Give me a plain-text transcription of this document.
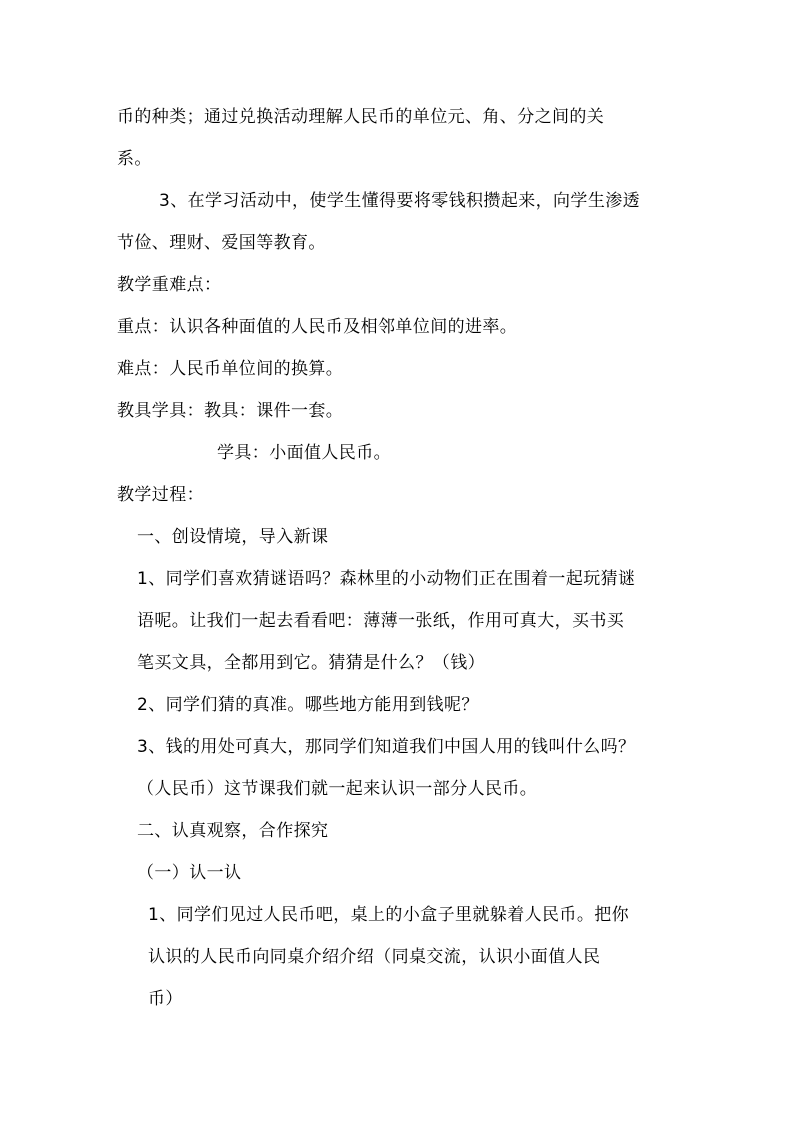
币的种类；通过兑换活动理解人民币的单位元、角、分之间的关
系。
3、在学习活动中，使学生懂得要将零钱积攒起来，向学生渗透
节俭、理财、爱国等教育。
教学重难点：
重点：认识各种面值的人民币及相邻单位间的进率。
难点：人民币单位间的换算。
教具学具：教具：课件一套。
学具：小面值人民币。
教学过程：
一、创设情境，导入新课
1、同学们喜欢猜谜语吗？森林里的小动物们正在围着一起玩猜谜
语呢。让我们一起去看看吧：薄薄一张纸，作用可真大，买书买
笔买文具，全都用到它。猜猜是什么？（钱）
2、同学们猜的真准。哪些地方能用到钱呢？
3、钱的用处可真大，那同学们知道我们中国人用的钱叫什么吗？
（人民币）这节课我们就一起来认识一部分人民币。
二、认真观察，合作探究
（一）认一认
1、同学们见过人民币吧，桌上的小盒子里就躲着人民币。把你
认识的人民币向同桌介绍介绍（同桌交流，认识小面值人民
币）
